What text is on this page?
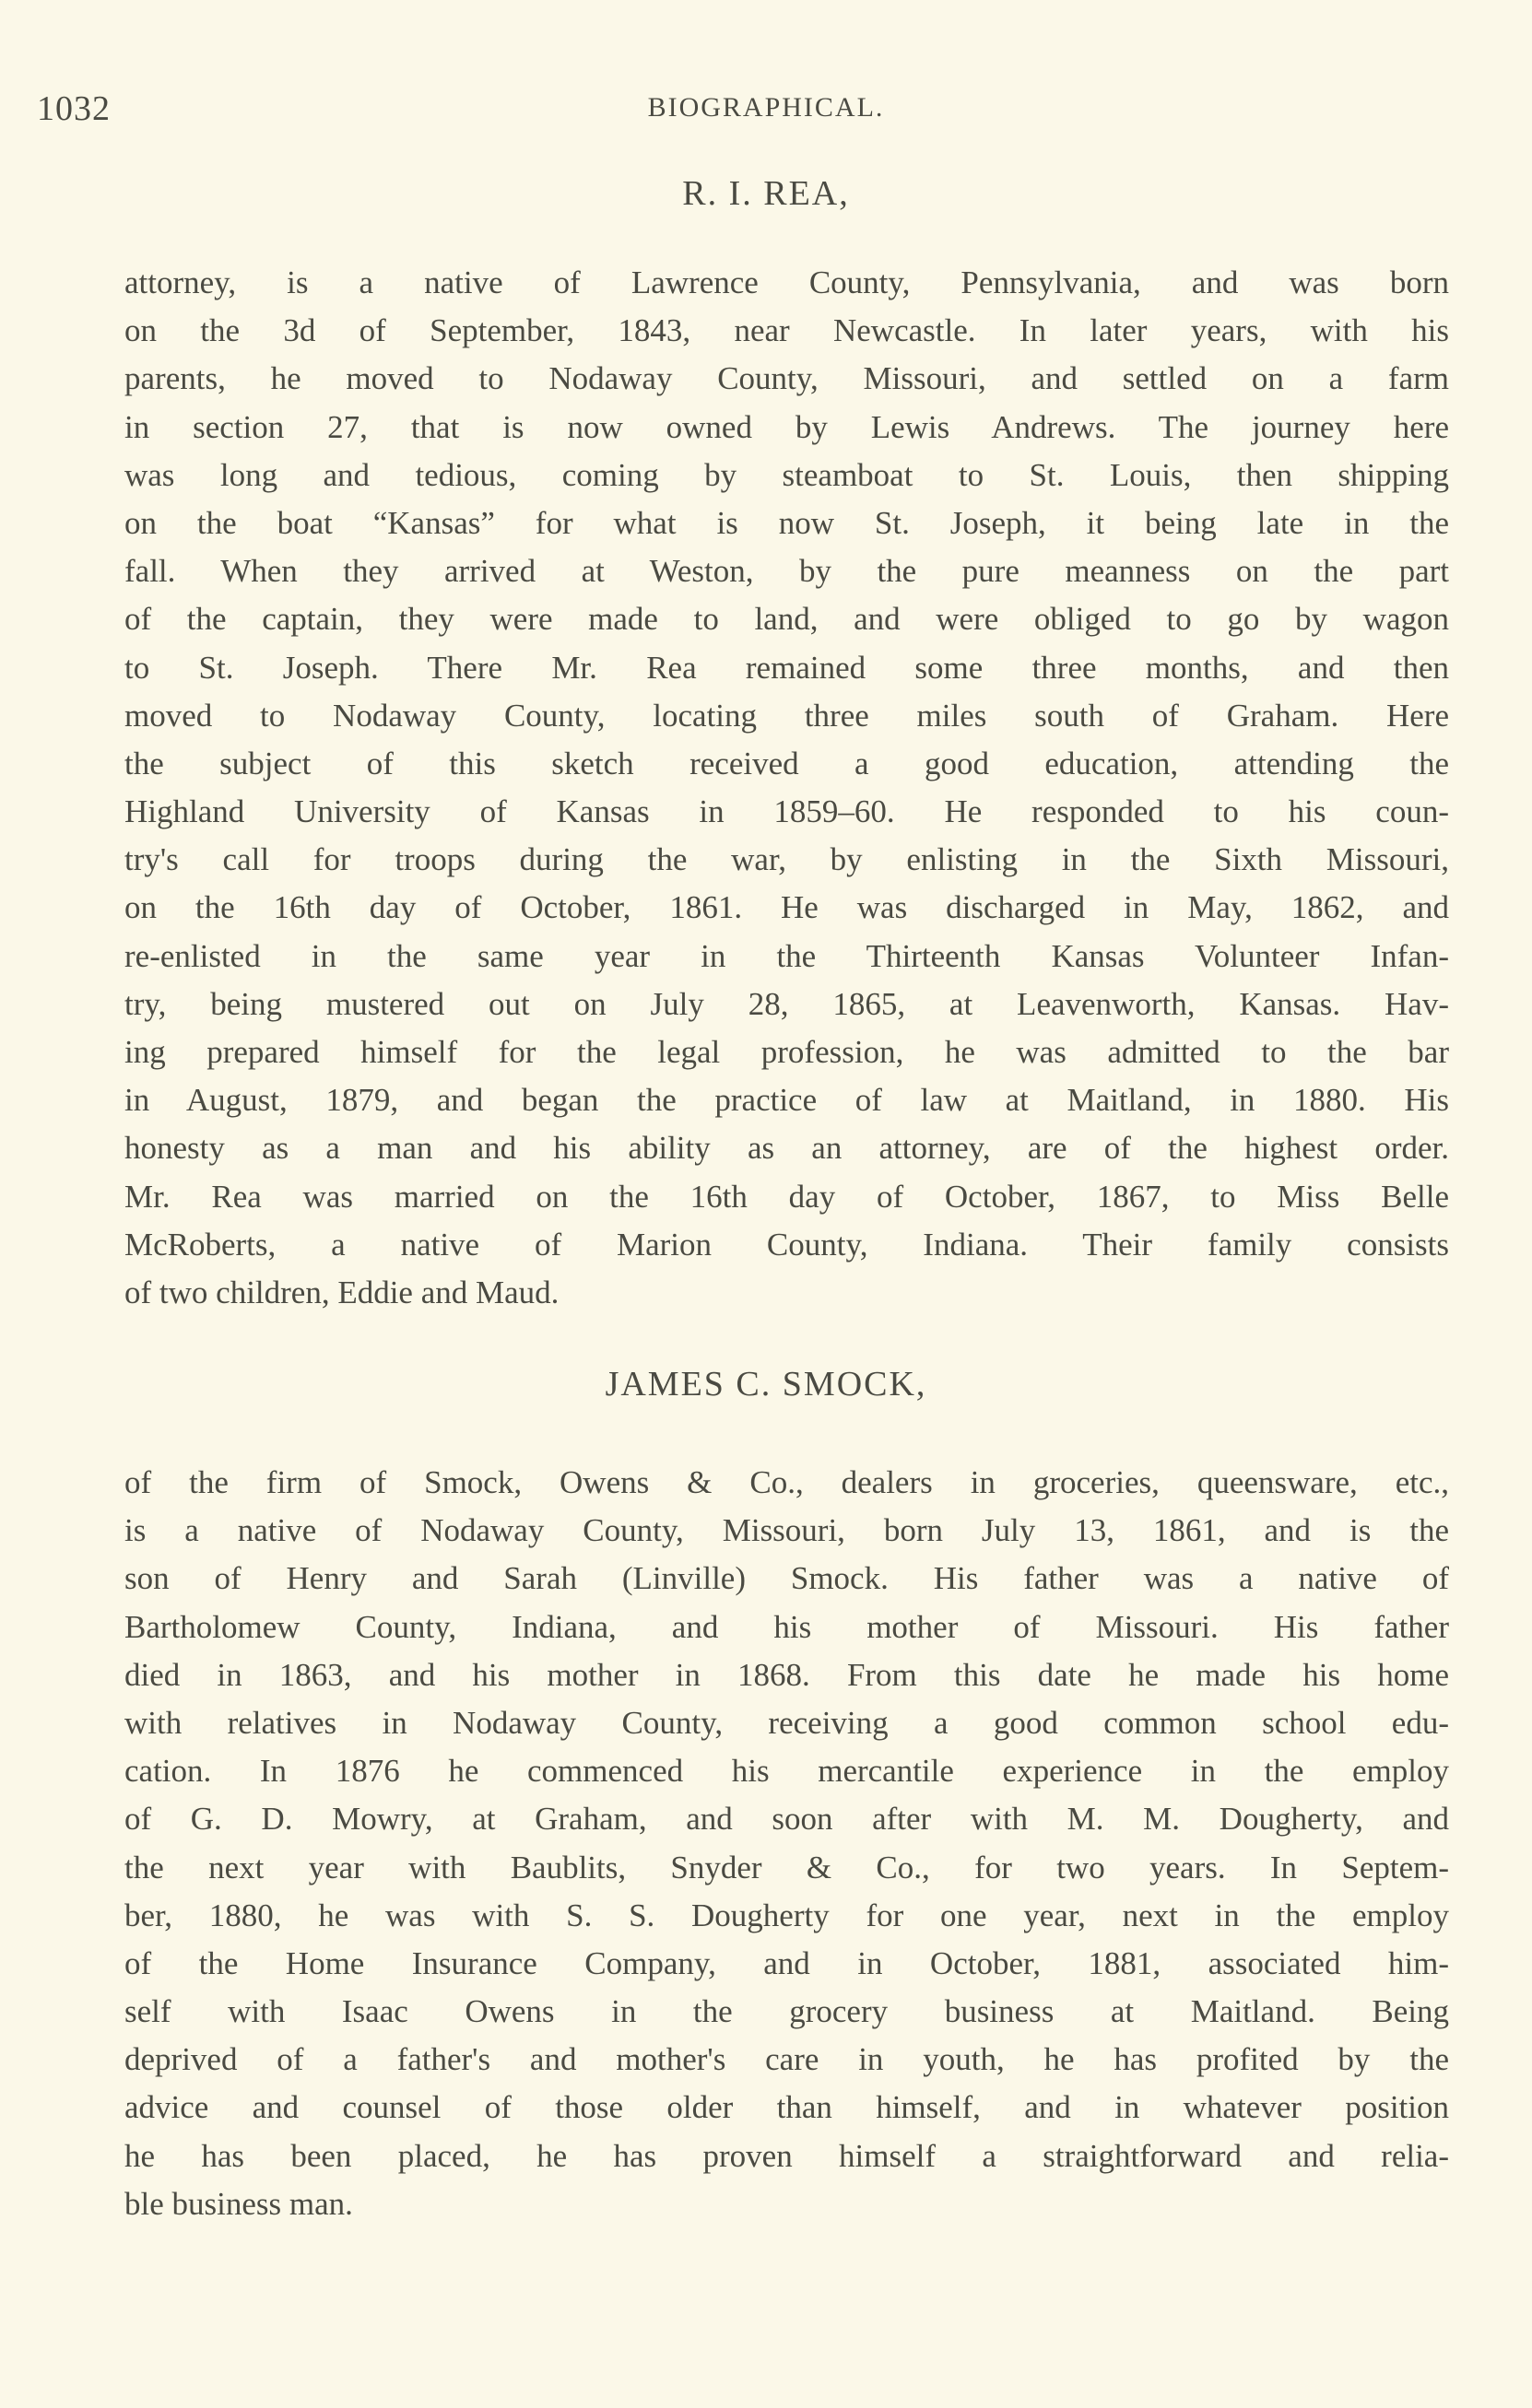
1032	BIOGRAPHICAL.
R. I. REA,
attorney, is a native of Lawrence County, Pennsylvania, and was born
on the 3d of September, 1843, near Newcastle. In later years, with his
parents, he moved to Nodaway County, Missouri, and settled on a farm
in section 27, that is now owned by Lewis Andrews. The journey here
was long and tedious, coming by steamboat to St. Louis, then shipping
on the boat “Kansas” for what is now St. Joseph, it being late in the
fall. When they arrived at Weston, by the pure meanness on the part
of the captain, they were made to land, and were obliged to go by wagon
to St. Joseph. There Mr. Rea remained some three months, and then
moved to Nodaway County, locating three miles south of Graham. Here
the subject of this sketch received a good education, attending the
Highland University of Kansas in 1859–60. He responded to his coun-
try's call for troops during the war, by enlisting in the Sixth Missouri,
on the 16th day of October, 1861. He was discharged in May, 1862, and
re-enlisted in the same year in the Thirteenth Kansas Volunteer Infan-
try, being mustered out on July 28, 1865, at Leavenworth, Kansas. Hav-
ing prepared himself for the legal profession, he was admitted to the bar
in August, 1879, and began the practice of law at Maitland, in 1880. His
honesty as a man and his ability as an attorney, are of the highest order.
Mr. Rea was married on the 16th day of October, 1867, to Miss Belle
McRoberts, a native of Marion County, Indiana. Their family consists
of two children, Eddie and Maud.
JAMES C. SMOCK,
of the firm of Smock, Owens & Co., dealers in groceries, queensware, etc.,
is a native of Nodaway County, Missouri, born July 13, 1861, and is the
son of Henry and Sarah (Linville) Smock. His father was a native of
Bartholomew County, Indiana, and his mother of Missouri. His father
died in 1863, and his mother in 1868. From this date he made his home
with relatives in Nodaway County, receiving a good common school edu-
cation. In 1876 he commenced his mercantile experience in the employ
of G. D. Mowry, at Graham, and soon after with M. M. Dougherty, and
the next year with Baublits, Snyder & Co., for two years. In Septem-
ber, 1880, he was with S. S. Dougherty for one year, next in the employ
of the Home Insurance Company, and in October, 1881, associated him-
self with Isaac Owens in the grocery business at Maitland. Being
deprived of a father's and mother's care in youth, he has profited by the
advice and counsel of those older than himself, and in whatever position
he has been placed, he has proven himself a straightforward and relia-
ble business man.
